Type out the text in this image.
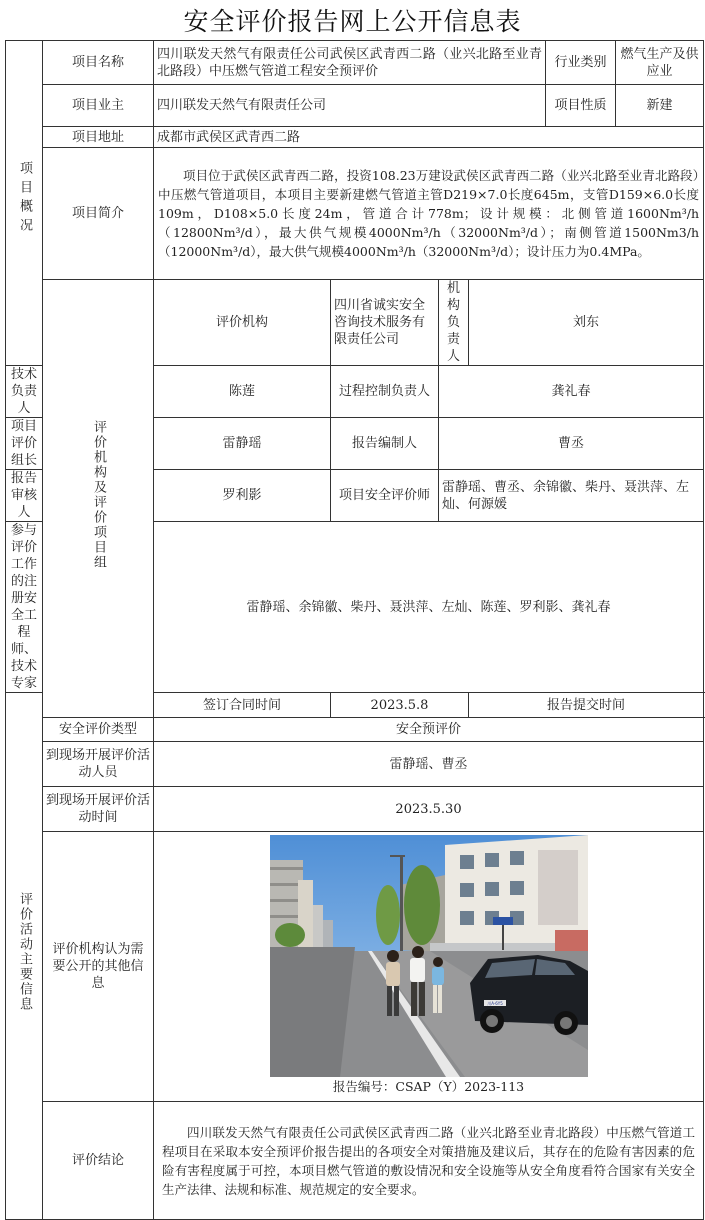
安全评价报告网上公开信息表
项目概况	项目名称	四川联发天然气有限责任公司武侯区武青西二路（业兴北路至业青北路段）中压燃气管道工程安全预评价				行业类别	燃气生产及供应业	
	项目业主	四川联发天然气有限责任公司				项目性质	新建	
	项目地址	成都市武侯区武青西二路						
	项目简介	项目位于武侯区武青西二路，投资108.23万建设武侯区武青西二路（业兴北路至业青北路段）中压燃气管道项目，本项目主要新建燃气管道主管D219×7.0长度645m，支管D159×6.0长度109m，D108×5.0长度24m，管道合计778m；设计规模：北侧管道1600Nm³/h（12800Nm³/d），最大供气规模4000Nm³/h（32000Nm³/d）；南侧管道1500Nm3/h（12000Nm³/d），最大供气规模4000Nm³/h（32000Nm³/d）；设计压力为0.4MPa。						
	评价机构及评价项目组	评价机构	四川省诚实安全咨询技术服务有限责任公司	机构负责人	刘东			
技术负责人		陈莲	过程控制负责人	龚礼春				
项目评价组长		雷静瑶	报告编制人	曹丞				
报告审核人		罗利影	项目安全评价师	雷静瑶、曹丞、余锦徽、柴丹、聂洪萍、左灿、何源媛				
参与评价工作的注册安全工程师、技术专家		雷静瑶、余锦徽、柴丹、聂洪萍、左灿、陈莲、罗利影、龚礼春						
评价活动主要信息		签订合同时间	2023.5.8		报告提交时间	
	安全评价类型	安全预评价						
	到现场开展评价活动人员	雷静瑶、曹丞						
	到现场开展评价活动时间	2023.5.30						
	评价机构认为需要公开的其他信息	川A·6Y5
报告编号：CSAP（Y）2023-113						

	评价结论	四川联发天然气有限责任公司武侯区武青西二路（业兴北路至业青北路段）中压燃气管道工程项目在采取本安全预评价报告提出的各项安全对策措施及建议后，其存在的危险有害因素的危险有害程度属于可控，本项目燃气管道的敷设情况和安全设施等从安全角度看符合国家有关安全生产法律、法规和标准、规范规定的安全要求。						
